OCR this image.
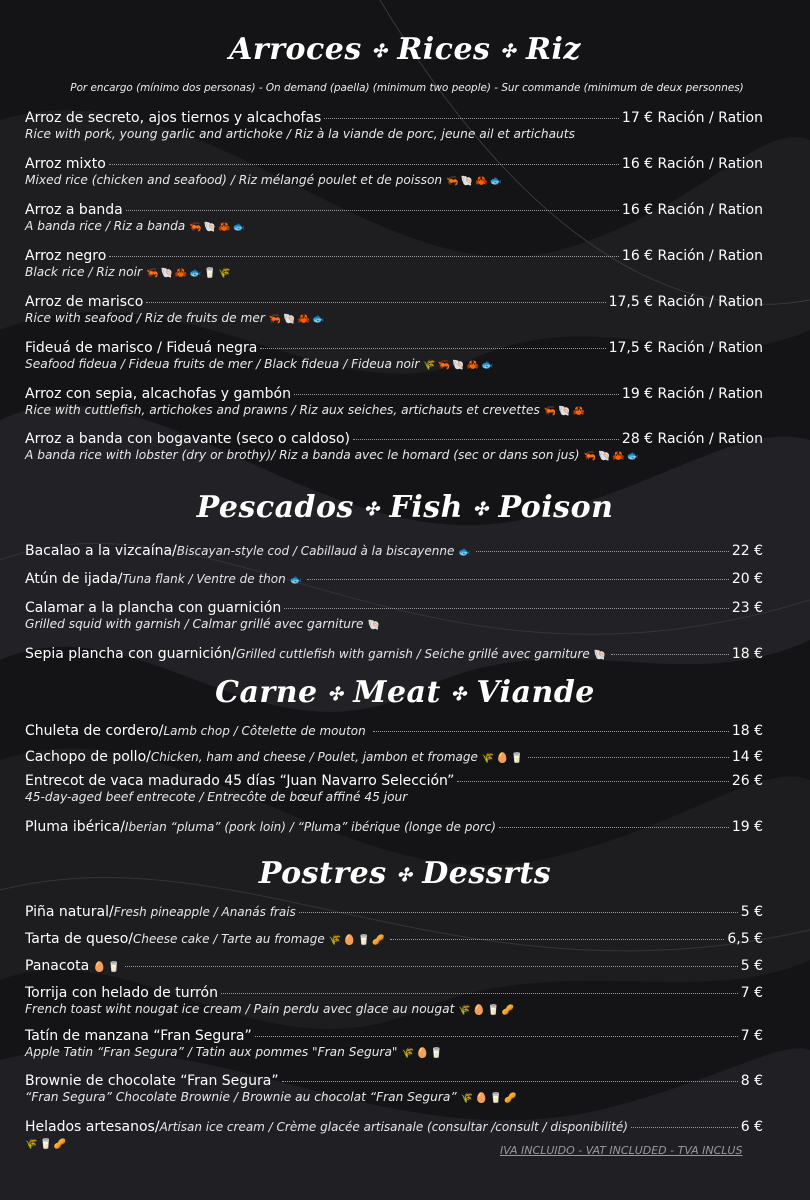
Arroces ✣ Rices ✣ Riz
Por encargo (mínimo dos personas) - On demand (paella) (minimum two people) - Sur commande (minimum de deux personnes)
Arroz de secreto, ajos tiernos y alcachofas	17 € Ración / Ration
Rice with pork, young garlic and artichoke / Riz à la viande de porc, jeune ail et artichauts
Arroz mixto	16 € Ración / Ration
Mixed rice (chicken and seafood) / Riz mélangé poulet et de poisson 🦐🐚🦀🐟
Arroz a banda	16 € Ración / Ration
A banda rice / Riz a banda 🦐🐚🦀🐟
Arroz negro	16 € Ración / Ration
Black rice / Riz noir 🦐🐚🦀🐟🥛🌾
Arroz de marisco	17,5 € Ración / Ration
Rice with seafood / Riz de fruits de mer 🦐🐚🦀🐟
Fideuá de marisco / Fideuá negra	17,5 € Ración / Ration
Seafood fideua / Fideua fruits de mer / Black fideua / Fideua noir 🌾🦐🐚🦀🐟
Arroz con sepia, alcachofas y gambón	19 € Ración / Ration
Rice with cuttlefish, artichokes and prawns / Riz aux seiches, artichauts et crevettes 🦐🐚🦀
Arroz a banda con bogavante (seco o caldoso)	28 € Ración / Ration
A banda rice with lobster (dry or brothy)/ Riz a banda avec le homard (sec or dans son jus) 🦐🐚🦀🐟
Pescados ✣ Fish ✣ Poison
Bacalao a la vizcaína / Biscayan-style cod / Cabillaud à la biscayenne 🐟	22 €
Atún de ijada / Tuna flank / Ventre de thon 🐟	20 €
Calamar a la plancha con guarnición	23 €
Grilled squid with garnish / Calmar grillé avec garniture 🐚
Sepia plancha con guarnición / Grilled cuttlefish with garnish / Seiche grillé avec garniture 🐚	18 €
Carne ✣ Meat ✣ Viande
Chuleta de cordero / Lamb chop / Côtelette de mouton	18 €
Cachopo de pollo / Chicken, ham and cheese / Poulet, jambon et fromage 🌾🥚🥛	14 €
Entrecot de vaca madurado 45 días “Juan Navarro Selección”	26 €
45-day-aged beef entrecote / Entrecôte de bœuf affiné 45 jour
Pluma ibérica / Iberian “pluma” (pork loin) / “Pluma” ibérique (longe de porc)	19 €
Postres ✣ Dessrts
Piña natural / Fresh pineapple / Ananás frais	5 €
Tarta de queso / Cheese cake / Tarte au fromage 🌾🥚🥛🥜	6,5 €
Panacota 🥚🥛	5 €
Torrija con helado de turrón	7 €
French toast wiht nougat ice cream / Pain perdu avec glace au nougat 🌾🥚🥛🥜
Tatín de manzana “Fran Segura”	7 €
Apple Tatin “Fran Segura” / Tatin aux pommes "Fran Segura" 🌾🥚🥛
Brownie de chocolate “Fran Segura”	8 €
“Fran Segura” Chocolate Brownie / Brownie au chocolat “Fran Segura” 🌾🥚🥛🥜
Helados artesanos / Artisan ice cream / Crème glacée artisanale (consultar /consult / disponibilité)	6 €
🌾🥛🥜	IVA INCLUIDO - VAT INCLUDED - TVA INCLUS
